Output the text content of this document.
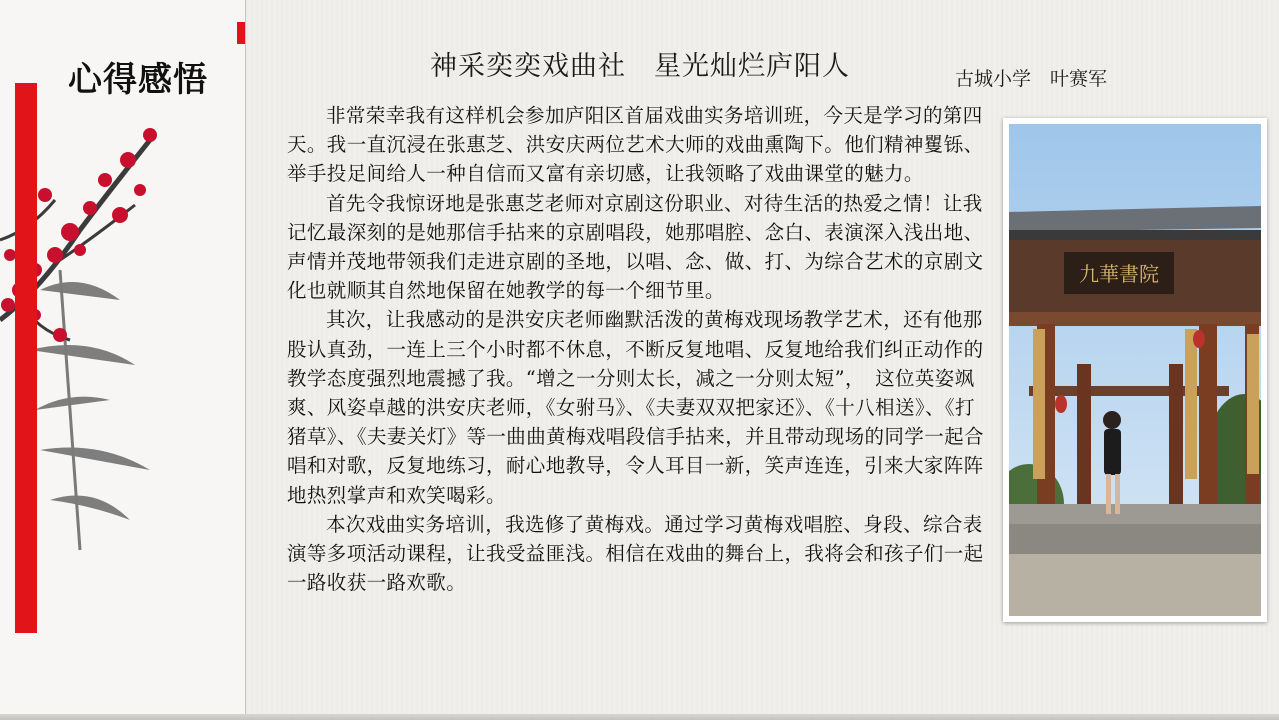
心得感悟	神采奕奕戏曲社　星光灿烂庐阳人	古城小学　叶赛军

非常荣幸我有这样机会参加庐阳区首届戏曲实务培训班，今天是学习的第四天。我一直沉浸在张惠芝、洪安庆两位艺术大师的戏曲熏陶下。他们精神矍铄、举手投足间给人一种自信而又富有亲切感，让我领略了戏曲课堂的魅力。

首先令我惊讶地是张惠芝老师对京剧这份职业、对待生活的热爱之情！让我记忆最深刻的是她那信手拈来的京剧唱段，她那唱腔、念白、表演深入浅出地、声情并茂地带领我们走进京剧的圣地，以唱、念、做、打、为综合艺术的京剧文化也就顺其自然地保留在她教学的每一个细节里。

其次，让我感动的是洪安庆老师幽默活泼的黄梅戏现场教学艺术，还有他那股认真劲，一连上三个小时都不休息，不断反复地唱、反复地给我们纠正动作的教学态度强烈地震撼了我。“增之一分则太长，减之一分则太短”，　这位英姿飒爽、风姿卓越的洪安庆老师，《女驸马》、《夫妻双双把家还》、《十八相送》、《打猪草》、《夫妻关灯》等一曲曲黄梅戏唱段信手拈来，并且带动现场的同学一起合唱和对歌，反复地练习，耐心地教导，令人耳目一新，笑声连连，引来大家阵阵地热烈掌声和欢笑喝彩。

本次戏曲实务培训，我选修了黄梅戏。通过学习黄梅戏唱腔、身段、综合表演等多项活动课程，让我受益匪浅。相信在戏曲的舞台上，我将会和孩子们一起一路收获一路欢歌。

九華書院
